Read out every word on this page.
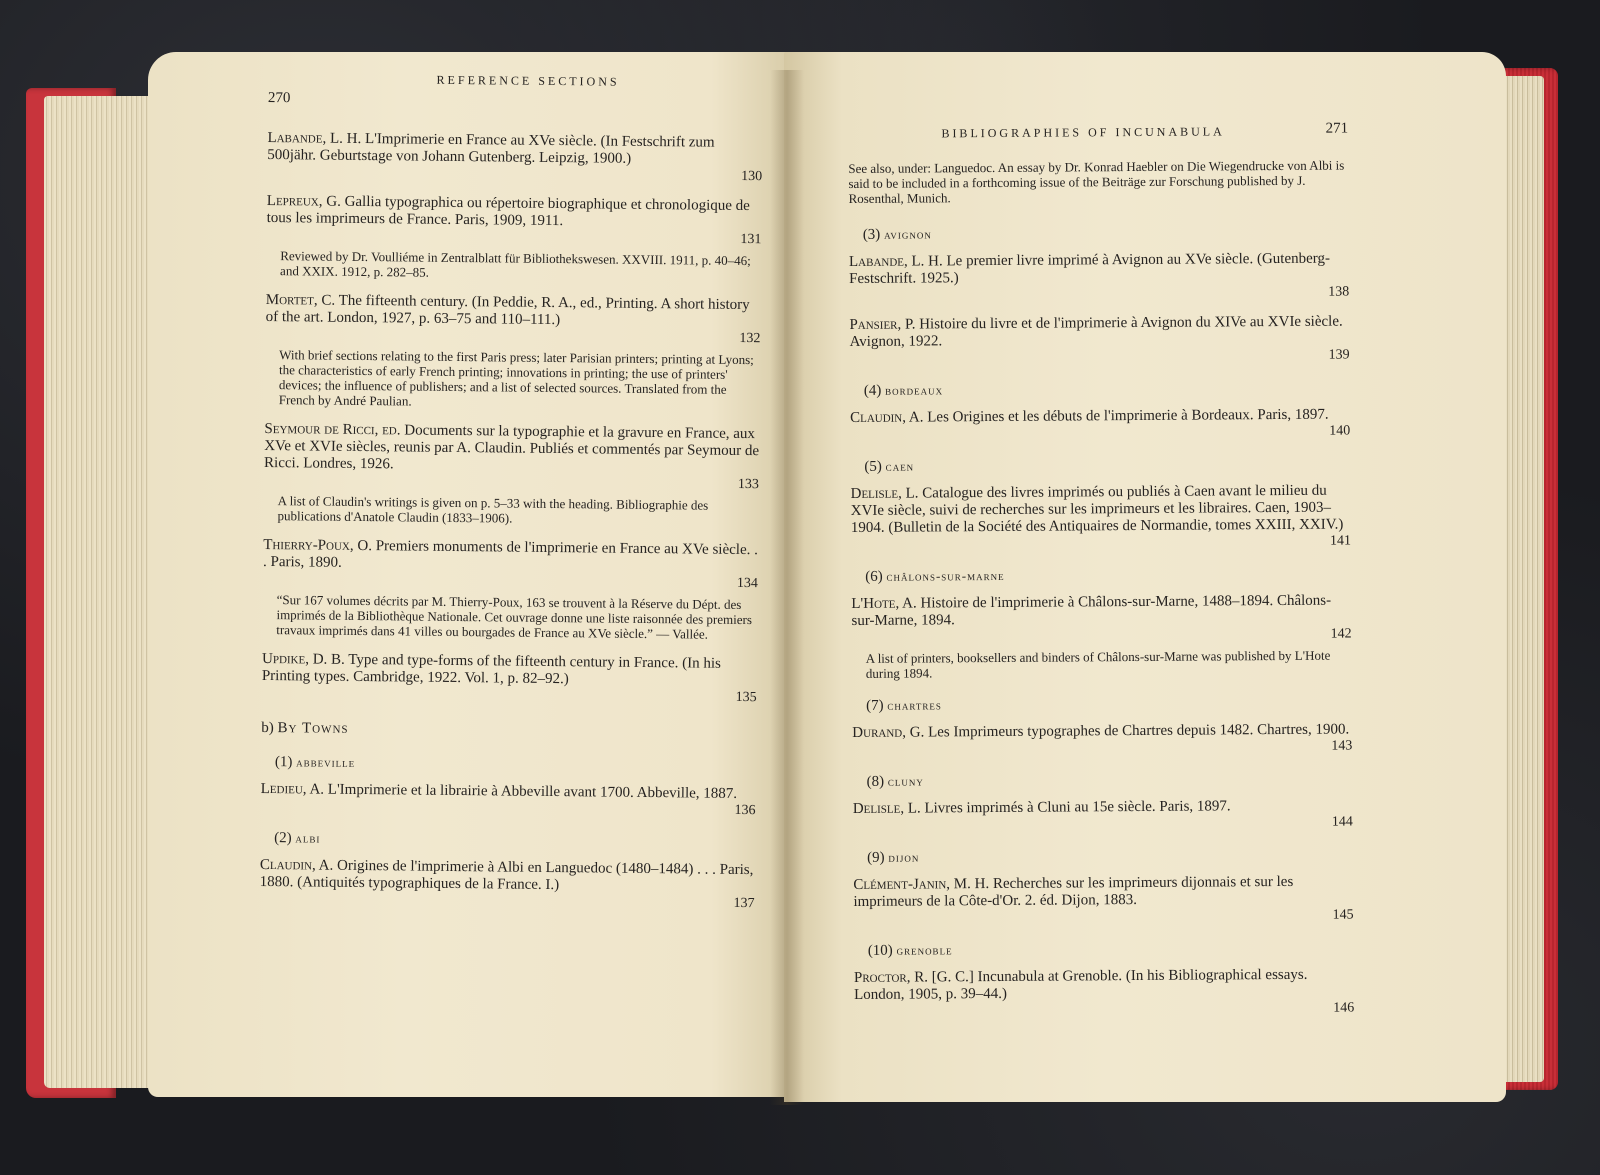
270
REFERENCE SECTIONS
Labande, L. H. L'Imprimerie en France au XVe siècle. (In Festschrift zum 500jähr. Geburtstage von Johann Gutenberg. Leipzig, 1900.)
130
Lepreux, G. Gallia typographica ou répertoire biographique et chronologique de tous les imprimeurs de France. Paris, 1909, 1911.
131

Reviewed by Dr. Voulliéme in Zentralblatt für Bibliothekswesen. XXVIII. 1911, p. 40–46; and XXIX. 1912, p. 282–85.

Mortet, C. The fifteenth century. (In Peddie, R. A., ed., Printing. A short history of the art. London, 1927, p. 63–75 and 110–111.)
132

With brief sections relating to the first Paris press; later Parisian printers; printing at Lyons; the characteristics of early French printing; innovations in printing; the use of printers' devices; the influence of publishers; and a list of selected sources. Translated from the French by André Paulian.

Seymour de Ricci, ed. Documents sur la typographie et la gravure en France, aux XVe et XVIe siècles, reunis par A. Claudin. Publiés et commentés par Seymour de Ricci. Londres, 1926.
133

A list of Claudin's writings is given on p. 5–33 with the heading. Bibliographie des publications d'Anatole Claudin (1833–1906).

Thierry-Poux, O. Premiers monuments de l'imprimerie en France au XVe siècle. . . Paris, 1890.
134

“Sur 167 volumes décrits par M. Thierry-Poux, 163 se trouvent à la Réserve du Dépt. des imprimés de la Bibliothèque Nationale. Cet ouvrage donne une liste raisonnée des premiers travaux imprimés dans 41 villes ou bourgades de France au XVe siècle.” — Vallée.

Updike, D. B. Type and type-forms of the fifteenth century in France. (In his Printing types. Cambridge, 1922. Vol. 1, p. 82–92.)
135
b) By Towns
(1) abbeville
Ledieu, A. L'Imprimerie et la librairie à Abbeville avant 1700. Abbeville, 1887.
136
(2) albi
Claudin, A. Origines de l'imprimerie à Albi en Languedoc (1480–1484) . . . Paris, 1880. (Antiquités typographiques de la France. I.)
137
BIBLIOGRAPHIES OF INCUNABULA	271

See also, under: Languedoc. An essay by Dr. Konrad Haebler on Die Wiegendrucke von Albi is said to be included in a forthcoming issue of the Beiträge zur Forschung published by J. Rosenthal, Munich.

(3) avignon
Labande, L. H. Le premier livre imprimé à Avignon au XVe siècle. (Gutenberg-Festschrift. 1925.)
138
Pansier, P. Histoire du livre et de l'imprimerie à Avignon du XIVe au XVIe siècle. Avignon, 1922.
139
(4) bordeaux
Claudin, A. Les Origines et les débuts de l'imprimerie à Bordeaux. Paris, 1897.
140
(5) caen
Delisle, L. Catalogue des livres imprimés ou publiés à Caen avant le milieu du XVIe siècle, suivi de recherches sur les imprimeurs et les libraires. Caen, 1903–1904. (Bulletin de la Société des Antiquaires de Normandie, tomes XXIII, XXIV.)
141
(6) châlons-sur-marne
L'Hote, A. Histoire de l'imprimerie à Châlons-sur-Marne, 1488–1894. Châlons-sur-Marne, 1894.
142

A list of printers, booksellers and binders of Châlons-sur-Marne was published by L'Hote during 1894.

(7) chartres
Durand, G. Les Imprimeurs typographes de Chartres depuis 1482. Chartres, 1900.
143
(8) cluny
Delisle, L. Livres imprimés à Cluni au 15e siècle. Paris, 1897.
144
(9) dijon
Clément-Janin, M. H. Recherches sur les imprimeurs dijonnais et sur les imprimeurs de la Côte-d'Or. 2. éd. Dijon, 1883.
145
(10) grenoble
Proctor, R. [G. C.] Incunabula at Grenoble. (In his Bibliographical essays. London, 1905, p. 39–44.)
146
